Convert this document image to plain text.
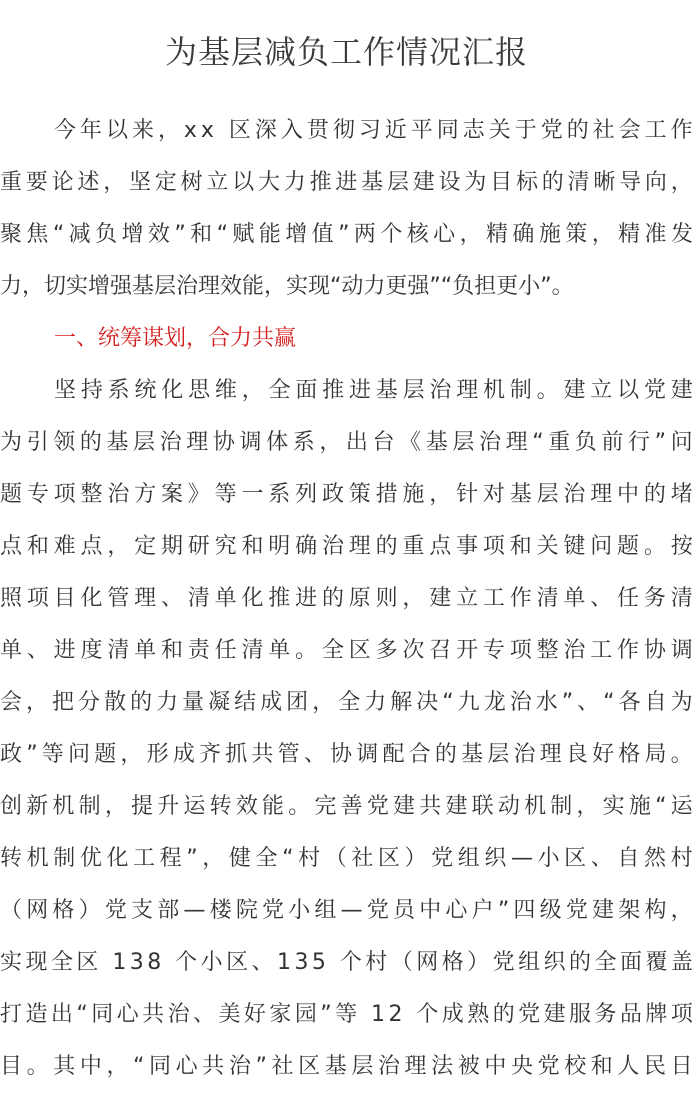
为基层减负工作情况汇报
今 年 以 来 ， x x
区 深 入 贯 彻 习 近 平 同 志 关 于 党 的 社 会 工 作
重 要 论 述 ， 坚 定 树 立 以 大 力 推 进 基 层 建 设 为 目 标 的 清 晰 导 向 ，
聚 焦 “ 减 负 增 效 ” 和 “ 赋 能 增 值 ” 两 个 核 心 ， 精 确 施 策 ， 精 准 发
力，切实增强基层治理效能，实现“动力更强”“负担更小”。
一、统筹谋划，合力共赢
坚 持 系 统 化 思 维 ， 全 面 推 进 基 层 治 理 机 制 。 建 立 以 党 建
为 引 领 的 基 层 治 理 协 调 体 系 ， 出 台 《 基 层 治 理 “ 重 负 前 行 ” 问
题 专 项 整 治 方 案 》 等 一 系 列 政 策 措 施 ， 针 对 基 层 治 理 中 的 堵
点 和 难 点 ， 定 期 研 究 和 明 确 治 理 的 重 点 事 项 和 关 键 问 题 。 按
照 项 目 化 管 理 、 清 单 化 推 进 的 原 则 ， 建 立 工 作 清 单 、 任 务 清
单 、 进 度 清 单 和 责 任 清 单 。 全 区 多 次 召 开 专 项 整 治 工 作 协 调
会 ， 把 分 散 的 力 量 凝 结 成 团 ， 全 力 解 决 “ 九 龙 治 水 ” 、 “ 各 自 为
政 ” 等 问 题 ， 形 成 齐 抓 共 管 、 协 调 配 合 的 基 层 治 理 良 好 格 局 。
创 新 机 制 ， 提 升 运 转 效 能 。 完 善 党 建 共 建 联 动 机 制 ， 实 施 “ 运
转 机 制 优 化 工 程 ” ， 健 全 “ 村 （ 社 区 ） 党 组 织 — 小 区 、 自 然 村
（ 网 格 ） 党 支 部 — 楼 院 党 小 组 — 党 员 中 心 户 ” 四 级 党 建 架 构 ，
实 现 全 区
1 3 8
个 小 区 、 1 3 5
个 村 （ 网 格 ） 党 组 织 的 全 面 覆 盖
打 造 出 “ 同 心 共 治 、 美 好 家 园 ” 等
1 2
个 成 熟 的 党 建 服 务 品 牌 项
目 。 其 中 ， “ 同 心 共 治 ” 社 区 基 层 治 理 法 被 中 央 党 校 和 人 民 日
